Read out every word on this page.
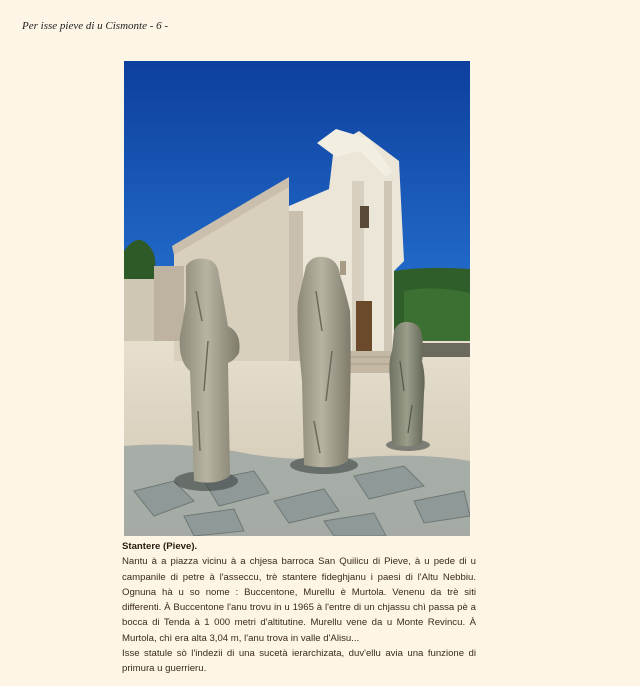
Per isse pieve di u Cismonte - 6 -
Stantere (Pieve).

Nantu à a piazza vicinu à a chjesa barroca San Quilicu di Pieve, à u pede di u campanile di petre à l'asseccu, trè stantere fideghjanu i paesi di l'Altu Nebbiu. Ognuna hà u so nome : Buccentone, Murellu è Murtola. Venenu da trè siti differenti. À Buccentone l'anu trovu in u 1965 à l'entre di un chjassu chì passa pè a bocca di Tenda à 1 000 metri d'altitutine. Murellu vene da u Monte Revincu. À Murtola, chì era alta 3,04 m, l'anu trova in valle d'Alisu...

Isse statule sò l'indezii di una sucetà ierarchizata, duv'ellu avia una funzione di primura u guerrieru.
